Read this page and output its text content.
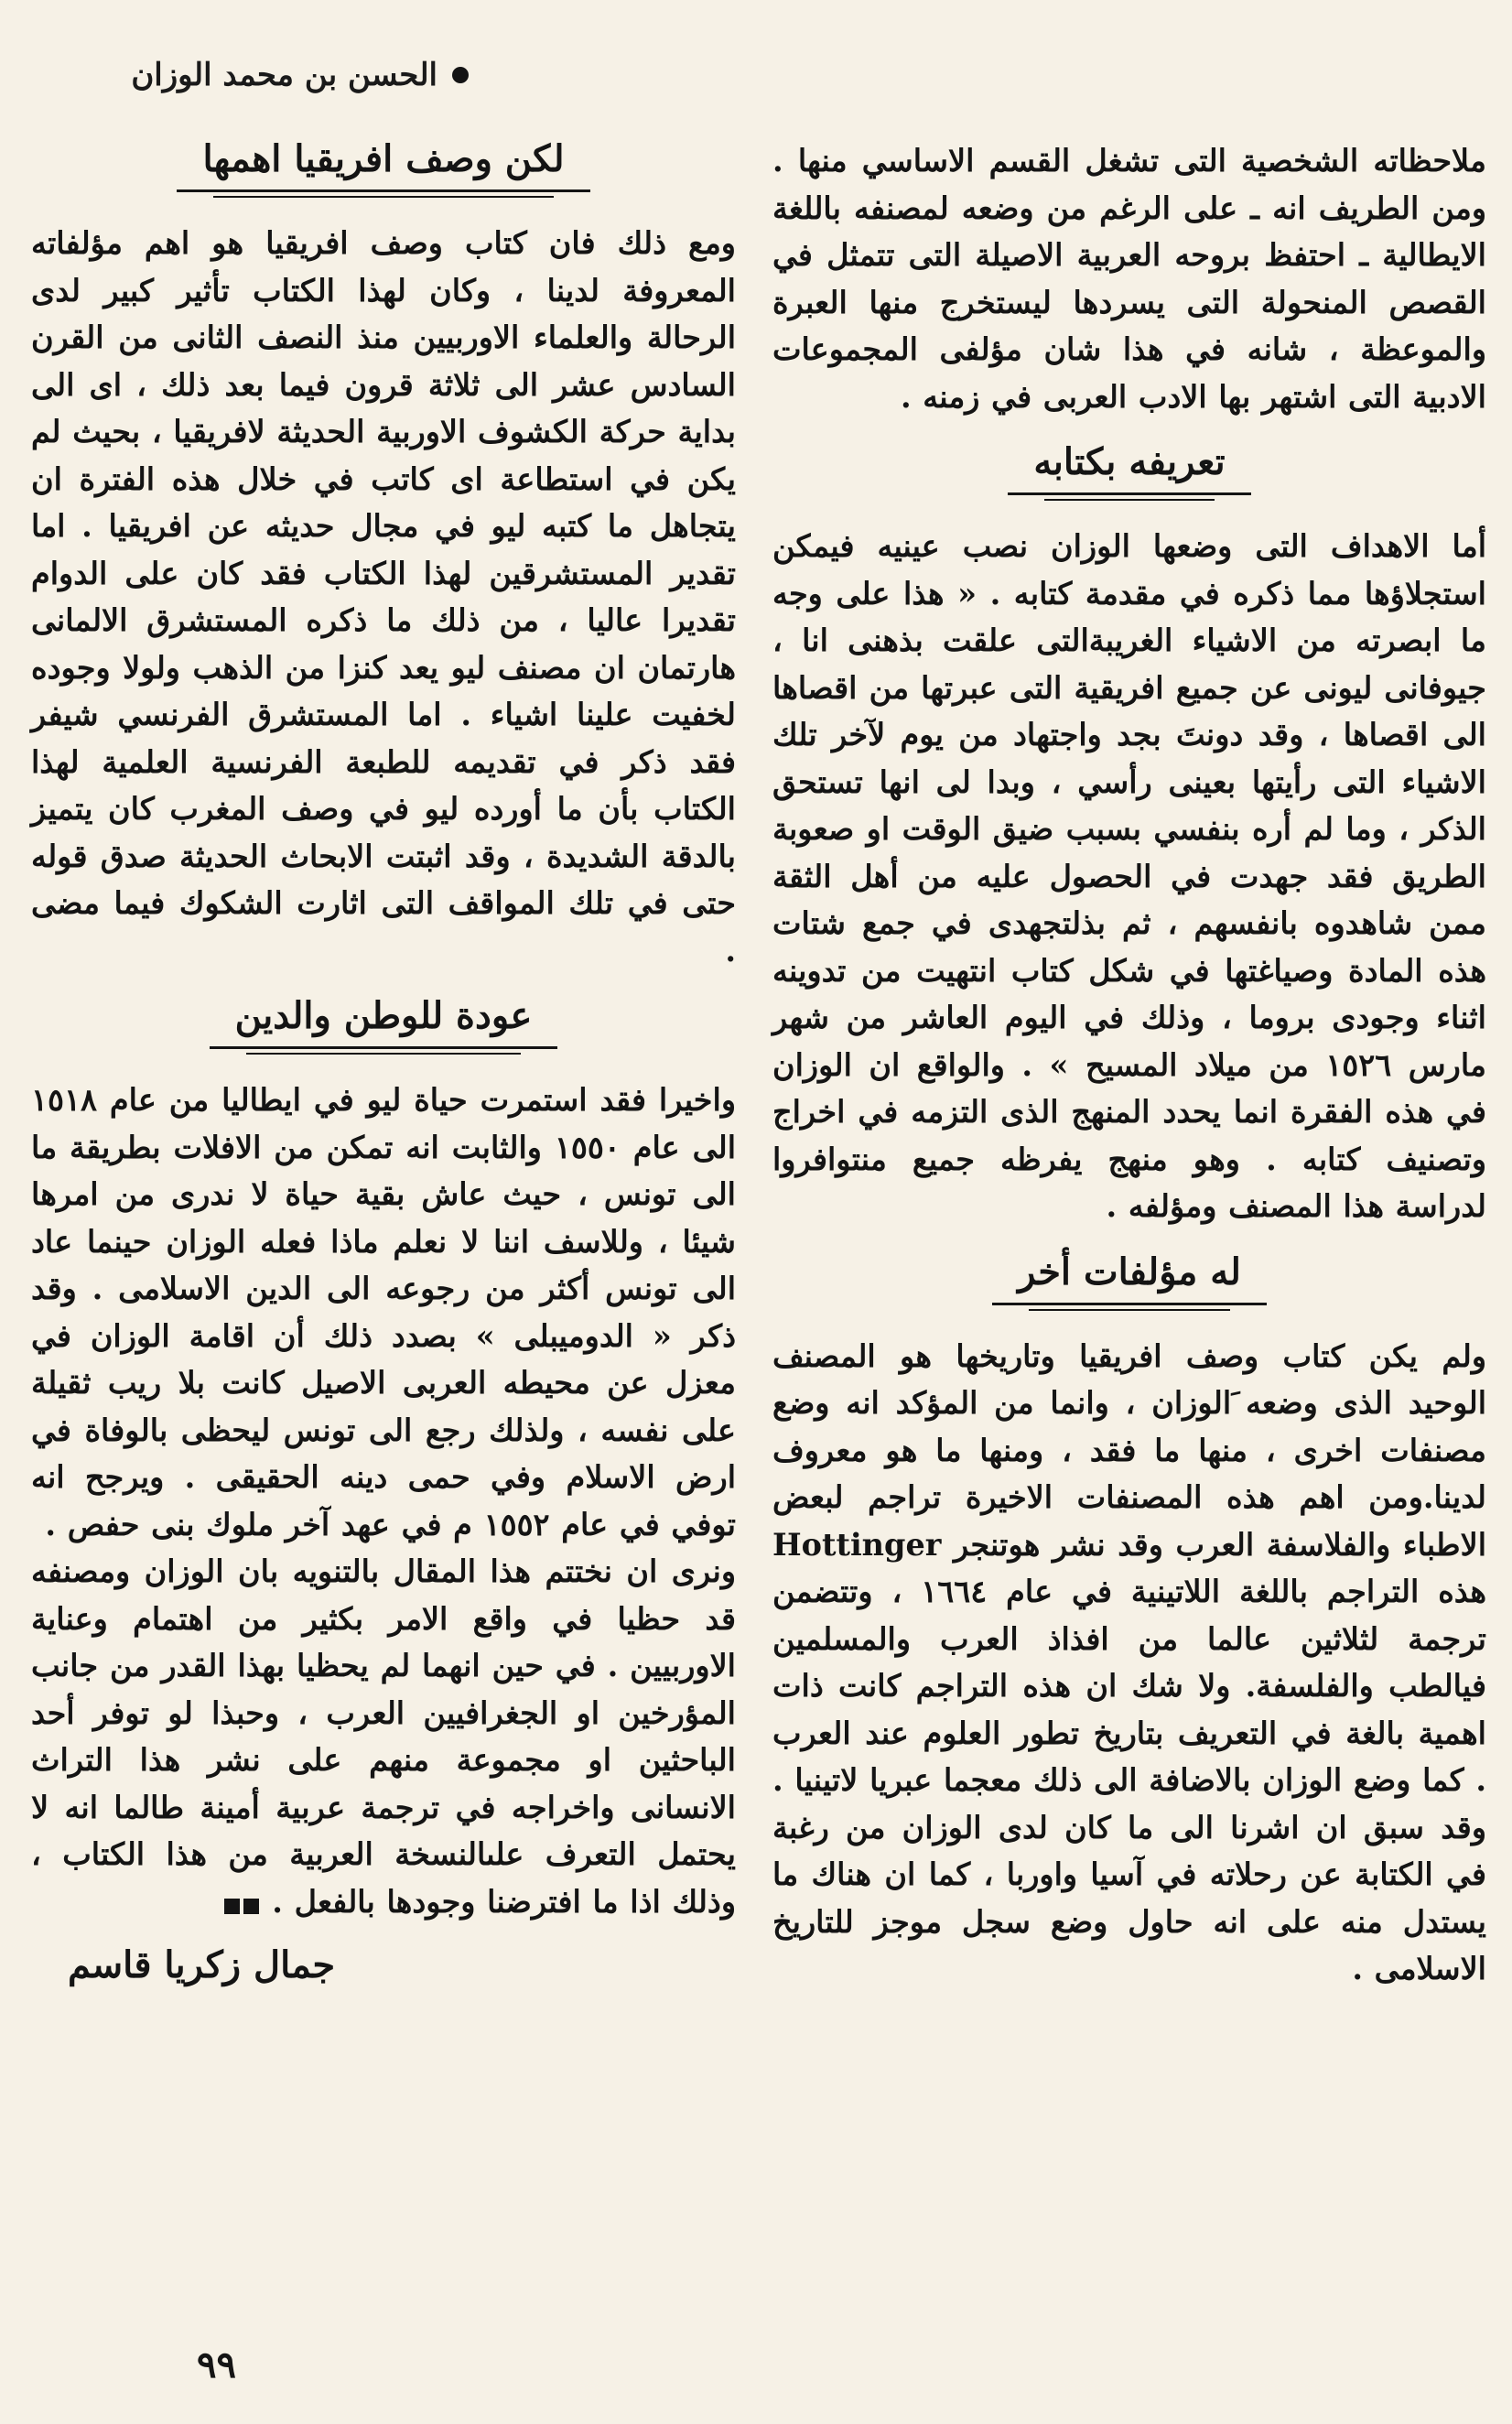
الحسن بن محمد الوزان

ملاحظاته الشخصية التى تشغل القسم الاساسي منها . ومن الطريف انه ـ على الرغم من وضعه لمصنفه باللغة الايطالية ـ احتفظ بروحه العربية الاصيلة التى تتمثل في القصص المنحولة التى يسردها ليستخرج منها العبرة والموعظة ، شانه في هذا شان مؤلفى المجموعات الادبية التى اشتهر بها الادب العربى في زمنه .

تعريفه بكتابه

أما الاهداف التى وضعها الوزان نصب عينيه فيمكن استجلاؤها مما ذكره في مقدمة كتابه . « هذا على وجه ما ابصرته من الاشياء الغريبةالتى علقت بذهنى انا ، جيوفانى ليونى عن جميع افريقية التى عبرتها من اقصاها الى اقصاها ، وقد دونتَ بجد واجتهاد من يوم لآخر تلك الاشياء التى رأيتها بعينى رأسي ، وبدا لى انها تستحق الذكر ، وما لم أره بنفسي بسبب ضيق الوقت او صعوبة الطريق فقد جهدت في الحصول عليه من أهل الثقة ممن شاهدوه بانفسهم ، ثم بذلتجهدى في جمع شتات هذه المادة وصياغتها في شكل كتاب انتهيت من تدوينه اثناء وجودى بروما ، وذلك في اليوم العاشر من شهر مارس ١٥٢٦ من ميلاد المسيح » . والواقع ان الوزان في هذه الفقرة انما يحدد المنهج الذى التزمه في اخراج وتصنيف كتابه . وهو منهج يفرظه جميع منتوافروا لدراسة هذا المصنف ومؤلفه .

له مؤلفات أخر

ولم يكن كتاب وصف افريقيا وتاريخها هو المصنف الوحيد الذى وضعه َالوزان ، وانما من المؤكد انه وضع مصنفات اخرى ، منها ما فقد ، ومنها ما هو معروف لدينا.ومن اهم هذه المصنفات الاخيرة تراجم لبعض الاطباء والفلاسفة العرب وقد نشر هوتنجر Hottinger هذه التراجم باللغة اللاتينية في عام ١٦٦٤ ، وتتضمن ترجمة لثلاثين عالما من افذاذ العرب والمسلمين فيالطب والفلسفة. ولا شك ان هذه التراجم كانت ذات اهمية بالغة في التعريف بتاريخ تطور العلوم عند العرب . كما وضع الوزان بالاضافة الى ذلك معجما عبريا لاتينيا . وقد سبق ان اشرنا الى ما كان لدى الوزان من رغبة في الكتابة عن رحلاته في آسيا واوربا ، كما ان هناك ما يستدل منه على انه حاول وضع سجل موجز للتاريخ الاسلامى .

لكن وصف افريقيا اهمها

ومع ذلك فان كتاب وصف افريقيا هو اهم مؤلفاته المعروفة لدينا ، وكان لهذا الكتاب تأثير كبير لدى الرحالة والعلماء الاوربيين منذ النصف الثانى من القرن السادس عشر الى ثلاثة قرون فيما بعد ذلك ، اى الى بداية حركة الكشوف الاوربية الحديثة لافريقيا ، بحيث لم يكن في استطاعة اى كاتب في خلال هذه الفترة ان يتجاهل ما كتبه ليو في مجال حديثه عن افريقيا . اما تقدير المستشرقين لهذا الكتاب فقد كان على الدوام تقديرا عاليا ، من ذلك ما ذكره المستشرق الالمانى هارتمان ان مصنف ليو يعد كنزا من الذهب ولولا وجوده لخفيت علينا اشياء . اما المستشرق الفرنسي شيفر فقد ذكر في تقديمه للطبعة الفرنسية العلمية لهذا الكتاب بأن ما أورده ليو في وصف المغرب كان يتميز بالدقة الشديدة ، وقد اثبتت الابحاث الحديثة صدق قوله حتى في تلك المواقف التى اثارت الشكوك فيما مضى .

عودة للوطن والدين

واخيرا فقد استمرت حياة ليو في ايطاليا من عام ١٥١٨ الى عام ١٥٥٠ والثابت انه تمكن من الافلات بطريقة ما الى تونس ، حيث عاش بقية حياة لا ندرى من امرها شيئا ، وللاسف اننا لا نعلم ماذا فعله الوزان حينما عاد الى تونس أكثر من رجوعه الى الدين الاسلامى . وقد ذكر « الدوميبلى » بصدد ذلك أن اقامة الوزان في معزل عن محيطه العربى الاصيل كانت بلا ريب ثقيلة على نفسه ، ولذلك رجع الى تونس ليحظى بالوفاة في ارض الاسلام وفي حمى دينه الحقيقى . ويرجح انه توفي في عام ١٥٥٢ م في عهد آخر ملوك بنى حفص .

ونرى ان نختتم هذا المقال بالتنويه بان الوزان ومصنفه قد حظيا في واقع الامر بكثير من اهتمام وعناية الاوربيين . في حين انهما لم يحظيا بهذا القدر من جانب المؤرخين او الجغرافيين العرب ، وحبذا لو توفر أحد الباحثين او مجموعة منهم على نشر هذا التراث الانسانى واخراجه في ترجمة عربية أمينة طالما انه لا يحتمل التعرف علىالنسخة العربية من هذا الكتاب ، وذلك اذا ما افترضنا وجودها بالفعل .

جمال زكريا قاسم
٩٩
